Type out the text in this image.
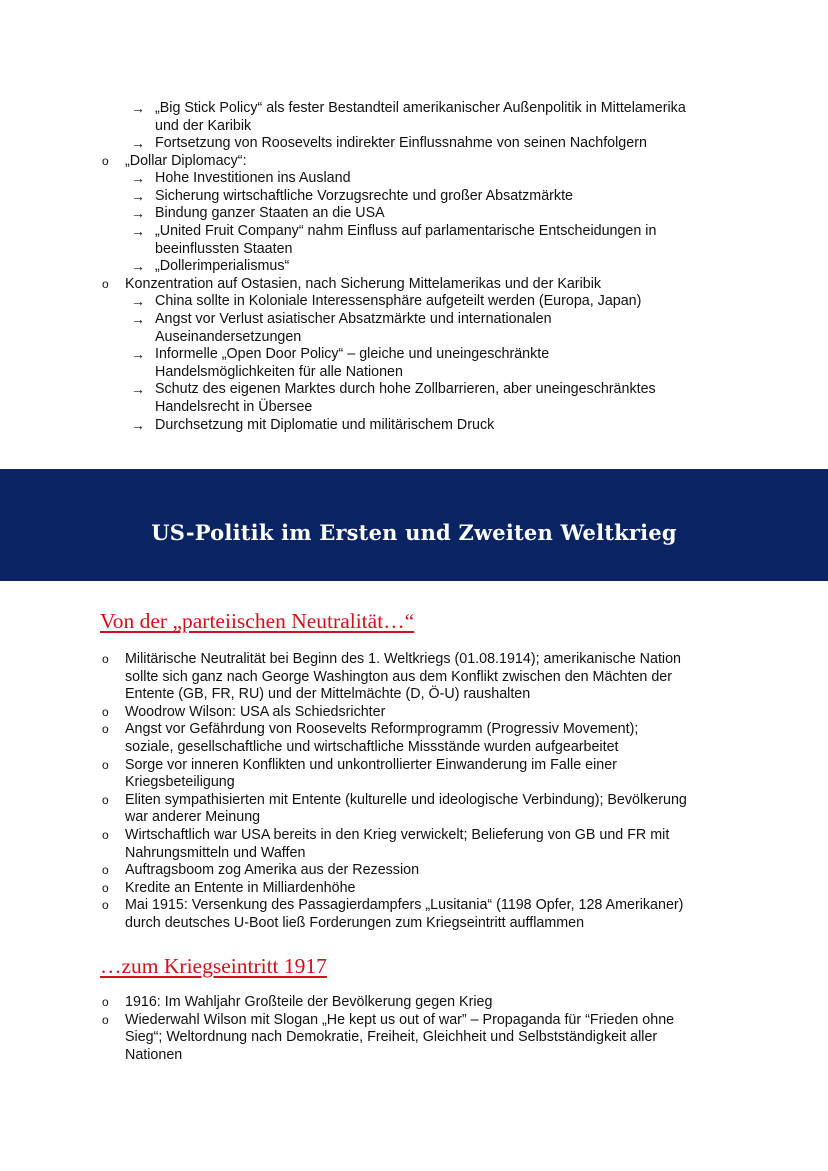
→ „Big Stick Policy“ als fester Bestandteil amerikanischer Außenpolitik in Mittelamerika
und der Karibik
→ Fortsetzung von Roosevelts indirekter Einflussnahme von seinen Nachfolgern
o „Dollar Diplomacy“:
→ Hohe Investitionen ins Ausland
→ Sicherung wirtschaftliche Vorzugsrechte und großer Absatzmärkte
→ Bindung ganzer Staaten an die USA
→ „United Fruit Company“ nahm Einfluss auf parlamentarische Entscheidungen in
beeinflussten Staaten
→ „Dollerimperialismus“
o Konzentration auf Ostasien, nach Sicherung Mittelamerikas und der Karibik
→ China sollte in Koloniale Interessensphäre aufgeteilt werden (Europa, Japan)
→ Angst vor Verlust asiatischer Absatzmärkte und internationalen
Auseinandersetzungen
→ Informelle „Open Door Policy“ – gleiche und uneingeschränkte
Handelsmöglichkeiten für alle Nationen
→ Schutz des eigenen Marktes durch hohe Zollbarrieren, aber uneingeschränktes
Handelsrecht in Übersee
→ Durchsetzung mit Diplomatie und militärischem Druck
US-Politik im Ersten und Zweiten Weltkrieg
Von der „parteiischen Neutralität…“
o Militärische Neutralität bei Beginn des 1. Weltkriegs (01.08.1914); amerikanische Nation
sollte sich ganz nach George Washington aus dem Konflikt zwischen den Mächten der
Entente (GB, FR, RU) und der Mittelmächte (D, Ö-U) raushalten
o Woodrow Wilson: USA als Schiedsrichter
o Angst vor Gefährdung von Roosevelts Reformprogramm (Progressiv Movement);
soziale, gesellschaftliche und wirtschaftliche Missstände wurden aufgearbeitet
o Sorge vor inneren Konflikten und unkontrollierter Einwanderung im Falle einer
Kriegsbeteiligung
o Eliten sympathisierten mit Entente (kulturelle und ideologische Verbindung); Bevölkerung
war anderer Meinung
o Wirtschaftlich war USA bereits in den Krieg verwickelt; Belieferung von GB und FR mit
Nahrungsmitteln und Waffen
o Auftragsboom zog Amerika aus der Rezession
o Kredite an Entente in Milliardenhöhe
o Mai 1915: Versenkung des Passagierdampfers „Lusitania“ (1198 Opfer, 128 Amerikaner)
durch deutsches U-Boot ließ Forderungen zum Kriegseintritt aufflammen
…zum Kriegseintritt 1917
o 1916: Im Wahljahr Großteile der Bevölkerung gegen Krieg
o Wiederwahl Wilson mit Slogan „He kept us out of war” – Propaganda für “Frieden ohne
Sieg“; Weltordnung nach Demokratie, Freiheit, Gleichheit und Selbstständigkeit aller
Nationen
